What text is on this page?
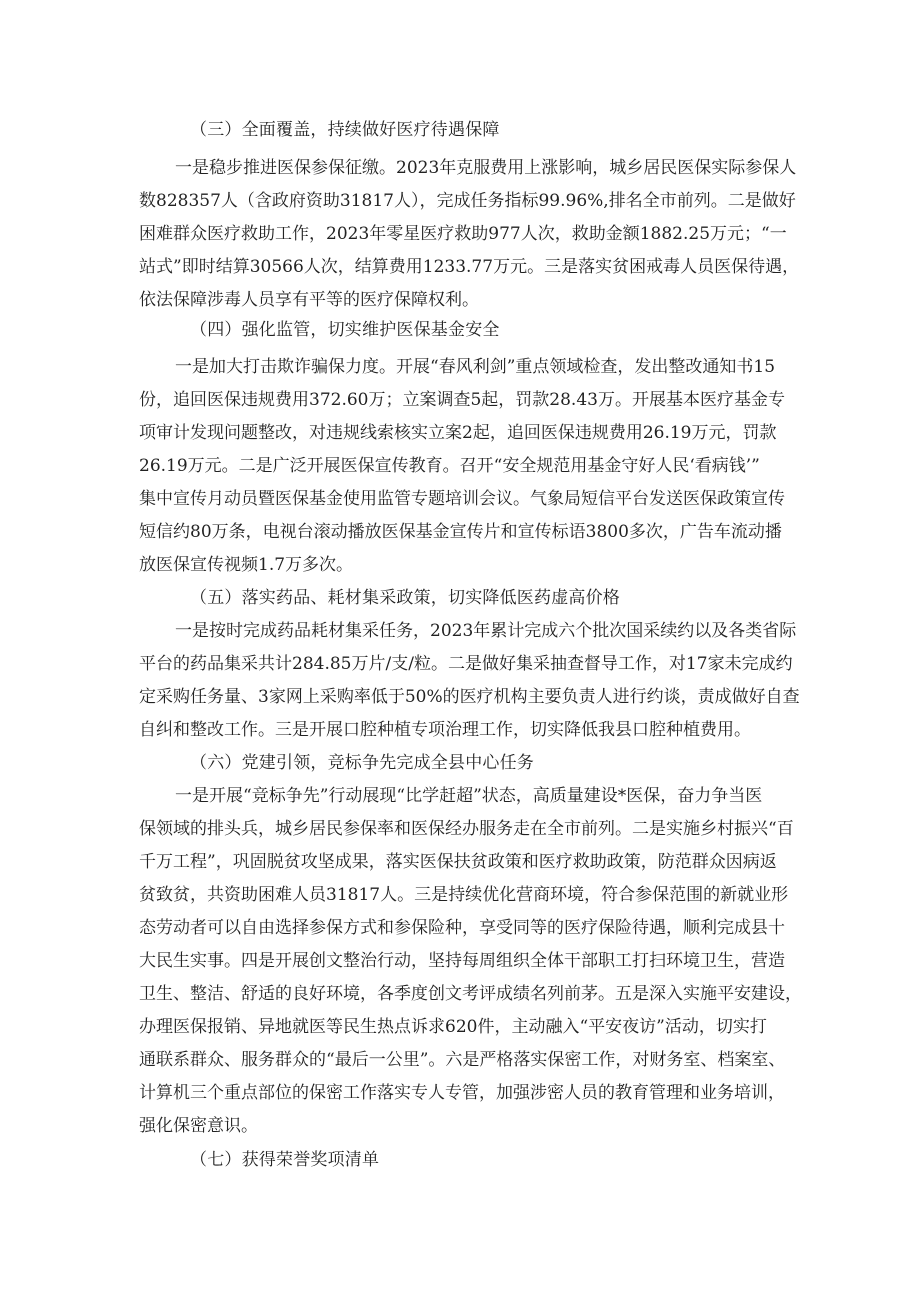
（三）全面覆盖，持续做好医疗待遇保障
一是稳步推进医保参保征缴。2023年克服费用上涨影响，城乡居民医保实际参保人
数828357人（含政府资助31817人），完成任务指标99.96%,排名全市前列。二是做好
困难群众医疗救助工作，2023年零星医疗救助977人次，救助金额1882.25万元；“一
站式”即时结算30566人次，结算费用1233.77万元。三是落实贫困戒毒人员医保待遇，
依法保障涉毒人员享有平等的医疗保障权利。
（四）强化监管，切实维护医保基金安全
一是加大打击欺诈骗保力度。开展“春风利剑”重点领域检查，发出整改通知书15
份，追回医保违规费用372.60万；立案调查5起，罚款28.43万。开展基本医疗基金专
项审计发现问题整改，对违规线索核实立案2起，追回医保违规费用26.19万元，罚款
26.19万元。二是广泛开展医保宣传教育。召开“安全规范用基金守好人民‘看病钱’”
集中宣传月动员暨医保基金使用监管专题培训会议。气象局短信平台发送医保政策宣传
短信约80万条，电视台滚动播放医保基金宣传片和宣传标语3800多次，广告车流动播
放医保宣传视频1.7万多次。
（五）落实药品、耗材集采政策，切实降低医药虚高价格
一是按时完成药品耗材集采任务，2023年累计完成六个批次国采续约以及各类省际
平台的药品集采共计284.85万片/支/粒。二是做好集采抽查督导工作，对17家未完成约
定采购任务量、3家网上采购率低于50%的医疗机构主要负责人进行约谈，责成做好自查
自纠和整改工作。三是开展口腔种植专项治理工作，切实降低我县口腔种植费用。
（六）党建引领，竞标争先完成全县中心任务
一是开展“竞标争先”行动展现“比学赶超”状态，高质量建设*医保，奋力争当医
保领域的排头兵，城乡居民参保率和医保经办服务走在全市前列。二是实施乡村振兴“百
千万工程”，巩固脱贫攻坚成果，落实医保扶贫政策和医疗救助政策，防范群众因病返
贫致贫，共资助困难人员31817人。三是持续优化营商环境，符合参保范围的新就业形
态劳动者可以自由选择参保方式和参保险种，享受同等的医疗保险待遇，顺利完成县十
大民生实事。四是开展创文整治行动，坚持每周组织全体干部职工打扫环境卫生，营造
卫生、整洁、舒适的良好环境，各季度创文考评成绩名列前茅。五是深入实施平安建设，
办理医保报销、异地就医等民生热点诉求620件，主动融入“平安夜访”活动，切实打
通联系群众、服务群众的“最后一公里”。六是严格落实保密工作，对财务室、档案室、
计算机三个重点部位的保密工作落实专人专管，加强涉密人员的教育管理和业务培训，
强化保密意识。
（七）获得荣誉奖项清单
